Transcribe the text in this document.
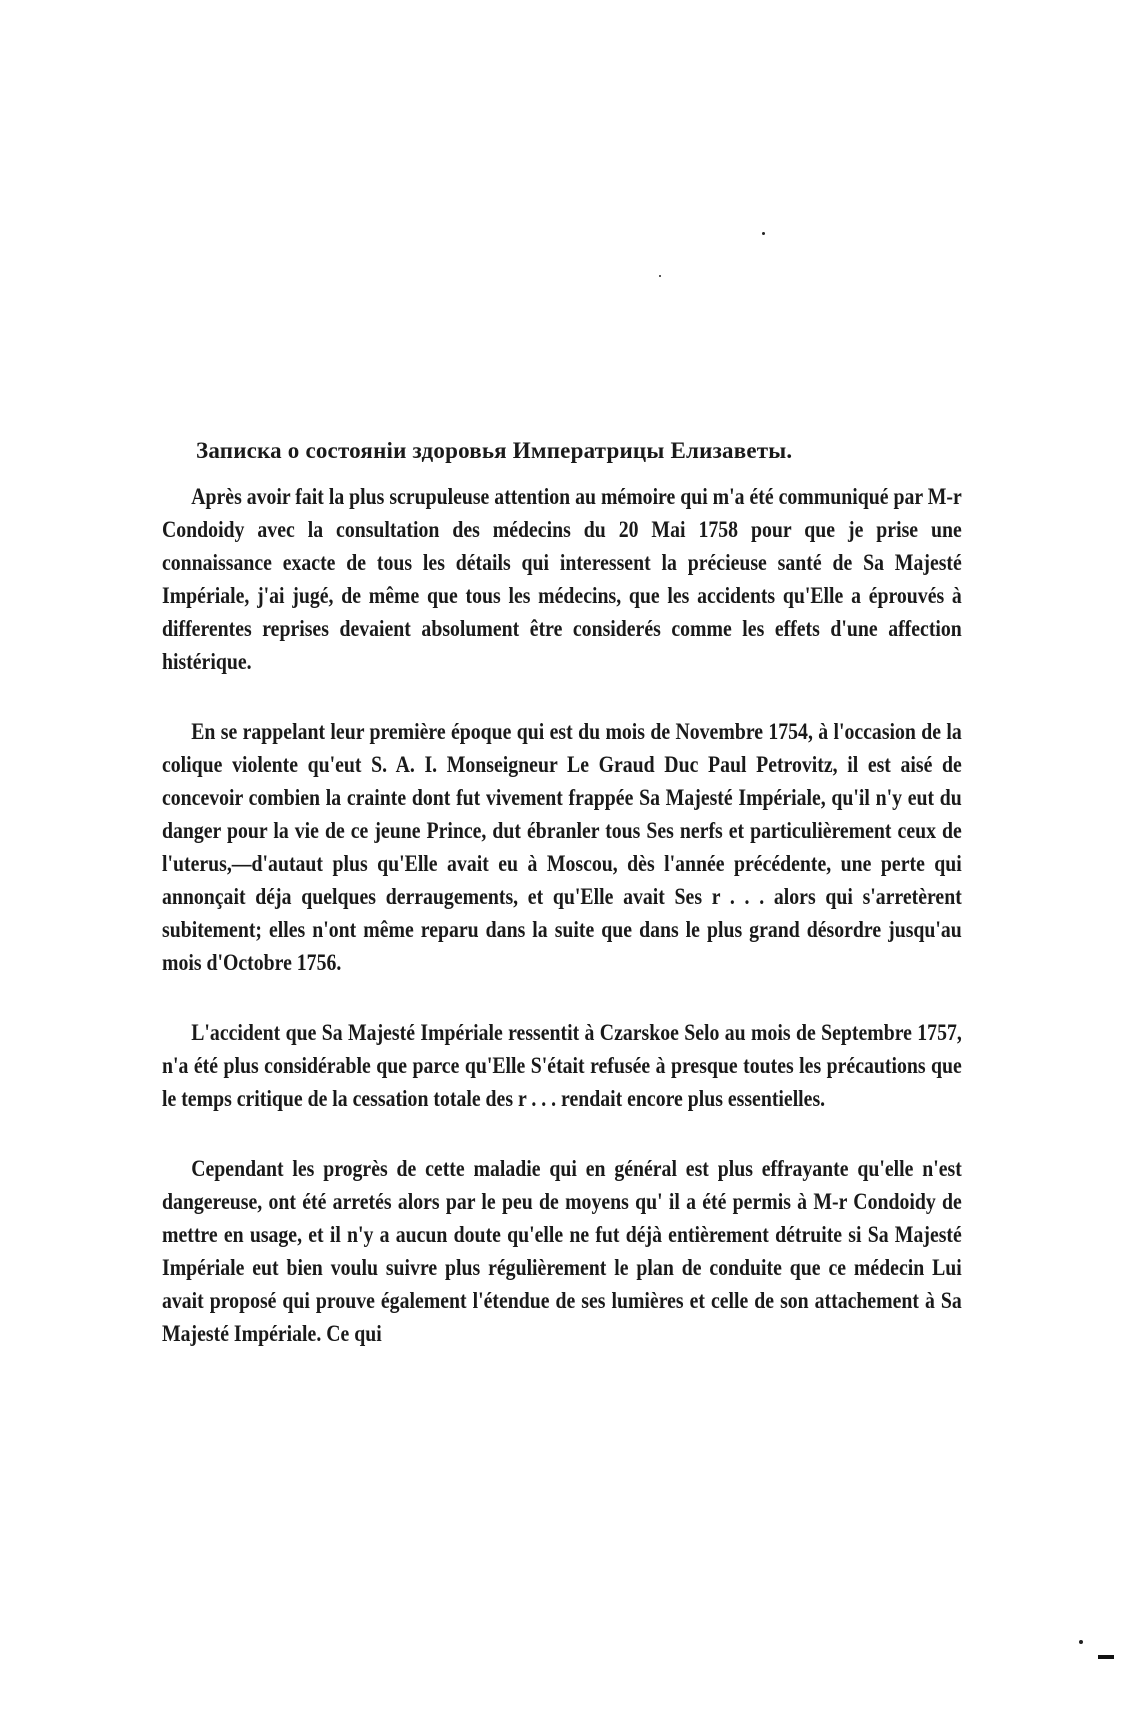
Записка о состоянiи здоровья Императрицы Елизаветы.

Après avoir fait la plus scrupuleuse attention au mémoire qui m'a été communiqué par M-r Condoidy avec la consultation des médecins du 20 Mai 1758 pour que je prise une connaissance exacte de tous les détails qui interessent la précieuse santé de Sa Majesté Impériale, j'ai jugé, de même que tous les médecins, que les accidents qu'Elle a éprouvés à differentes reprises devaient absolument être considerés comme les effets d'une affection histérique.

En se rappelant leur première époque qui est du mois de Novembre 1754, à l'occasion de la colique violente qu'eut S. A. I. Monseigneur Le Graud Duc Paul Petrovitz, il est aisé de concevoir combien la crainte dont fut vivement frappée Sa Majesté Impériale, qu'il n'y eut du danger pour la vie de ce jeune Prince, dut ébranler tous Ses nerfs et particulièrement ceux de l'uterus,—d'autaut plus qu'Elle avait eu à Moscou, dès l'année précédente, une perte qui annonçait déja quelques derraugements, et qu'Elle avait Ses r . . . alors qui s'arretèrent subitement; elles n'ont même reparu dans la suite que dans le plus grand désordre jusqu'au mois d'Octobre 1756.

L'accident que Sa Majesté Impériale ressentit à Czarskoe Selo au mois de Septembre 1757, n'a été plus considérable que parce qu'Elle S'était refusée à presque toutes les précautions que le temps critique de la cessation totale des r . . . rendait encore plus essentielles.

Cependant les progrès de cette maladie qui en général est plus effrayante qu'elle n'est dangereuse, ont été arretés alors par le peu de moyens qu' il a été permis à M-r Condoidy de mettre en usage, et il n'y a aucun doute qu'elle ne fut déjà entièrement détruite si Sa Majesté Impériale eut bien voulu suivre plus régulièrement le plan de conduite que ce médecin Lui avait proposé qui prouve également l'étendue de ses lumières et celle de son attachement à Sa Majesté Impériale. Ce qui
